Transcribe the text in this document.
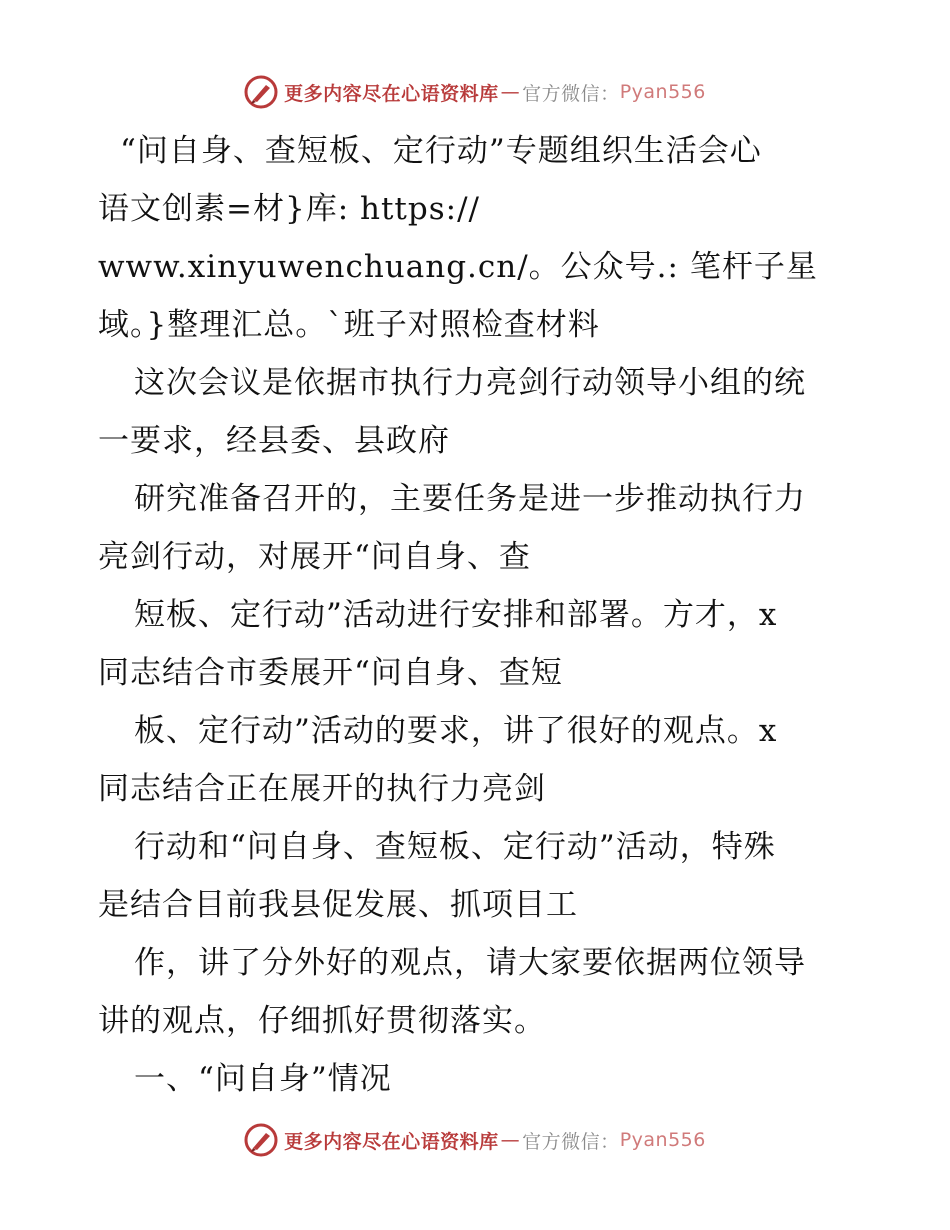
更多内容尽在心语资料库 — 官方微信： Pyan556
“问自身、查短板、定行动”专题组织生活会心
语文创素=材}库: https://
www.xinyuwenchuang.cn/。公众号.: 笔杆子星
域。}整理汇总。`班子对照检查材料
这次会议是依据市执行力亮剑行动领导小组的统
一要求，经县委、县政府
研究准备召开的，主要任务是进一步推动执行力
亮剑行动，对展开“问自身、查
短板、定行动”活动进行安排和部署。方才，x
同志结合市委展开“问自身、查短
板、定行动”活动的要求，讲了很好的观点。x
同志结合正在展开的执行力亮剑
行动和“问自身、查短板、定行动”活动，特殊
是结合目前我县促发展、抓项目工
作，讲了分外好的观点，请大家要依据两位领导
讲的观点，仔细抓好贯彻落实。
一、“问自身”情况
更多内容尽在心语资料库 — 官方微信： Pyan556
